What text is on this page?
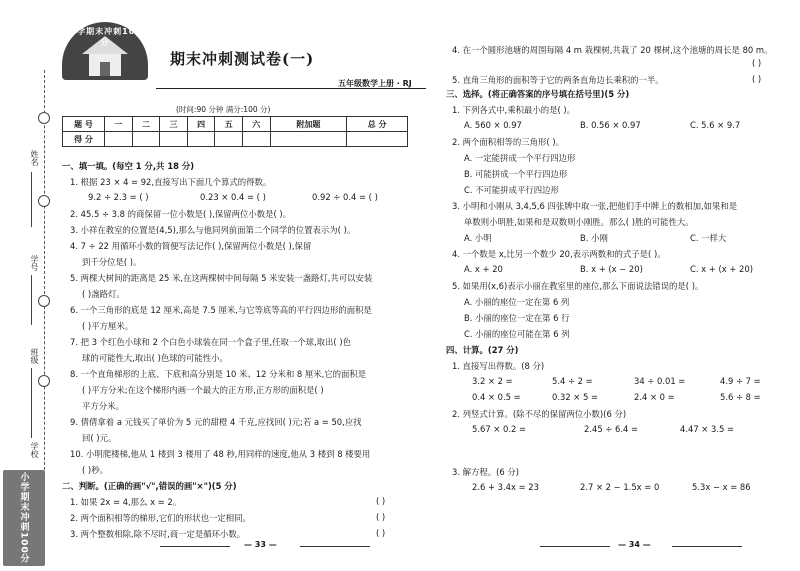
姓名
学号
班级
学校
小学期末冲刺100分
小学期末冲刺100分
期末冲刺测试卷(一)
五年级数学上册 · RJ
(时间:90 分钟 满分:100 分)
题 号	一	二	三	四	五	六	附加题	总 分
得 分								
一、填一填。(每空 1 分,共 18 分)
1. 根据 23 × 4 = 92,直接写出下面几个算式的得数。
9.2 ÷ 2.3 = ( )	0.23 × 0.4 = ( )	0.92 ÷ 0.4 = ( )
2. 45.5 ÷ 3.8 的商保留一位小数是( ),保留两位小数是( )。
3. 小祥在教室的位置是(4,5),那么与他同列前面第二个同学的位置表示为( )。
4. 7 ÷ 22 用循环小数的简便写法记作( ),保留两位小数是( ),保留
到千分位是( )。
5. 两棵大树间的距离是 25 米,在这两棵树中间每隔 5 米安装一盏路灯,共可以安装
( )盏路灯。
6. 一个三角形的底是 12 厘米,高是 7.5 厘米,与它等底等高的平行四边形的面积是
( )平方厘米。
7. 把 3 个红色小球和 2 个白色小球装在同一个盒子里,任取一个球,取出( )色
球的可能性大,取出( )色球的可能性小。
8. 一个直角梯形的上底、下底和高分别是 10 米、12 分米和 8 厘米,它的面积是
( )平方分米;在这个梯形内画一个最大的正方形,正方形的面积是( )
平方分米。
9. 倩倩拿着 a 元钱买了单价为 5 元的甜橙 4 千克,应找回( )元;若 a = 50,应找
回( )元。
10. 小明爬楼梯,他从 1 楼到 3 楼用了 48 秒,用同样的速度,他从 3 楼到 8 楼要用
( )秒。
二、判断。(正确的画"√",错误的画"×")(5 分)
1. 如果 2x = 4,那么 x = 2。	( )
2. 两个面积相等的梯形,它们的形状也一定相同。	( )
3. 两个整数相除,除不尽时,商一定是循环小数。	( )
— 33 —
4. 在一个圆形池塘的周围每隔 4 m 栽棵树,共栽了 20 棵树,这个池塘的周长是 80 m。
( )
5. 直角三角形的面积等于它的两条直角边长乘积的一半。	( )
三、选择。(将正确答案的序号填在括号里)(5 分)
1. 下列各式中,乘积最小的是( )。
A. 560 × 0.97	B. 0.56 × 0.97	C. 5.6 × 9.7
2. 两个面积相等的三角形( )。
A. 一定能拼成一个平行四边形
B. 可能拼成一个平行四边形
C. 不可能拼成平行四边形
3. 小明和小刚从 3,4,5,6 四张牌中取一张,把他们手中牌上的数相加,如果和是
单数则小明胜,如果和是双数则小刚胜。那么( )胜的可能性大。
A. 小明	B. 小刚	C. 一样大
4. 一个数是 x,比另一个数少 20,表示两数和的式子是( )。
A. x + 20	B. x + (x − 20)	C. x + (x + 20)
5. 如果用(x,6)表示小丽在教室里的座位,那么下面说法错误的是( )。
A. 小丽的座位一定在第 6 列
B. 小丽的座位一定在第 6 行
C. 小丽的座位可能在第 6 列
四、计算。(27 分)
1. 直接写出得数。(8 分)
3.2 × 2 =	5.4 ÷ 2 =	34 ÷ 0.01 =	4.9 ÷ 7 =
0.4 × 0.5 =	0.32 × 5 =	2.4 × 0 =	5.6 ÷ 8 =
2. 列竖式计算。(除不尽的保留两位小数)(6 分)
5.67 × 0.2 =	2.45 ÷ 6.4 =	4.47 × 3.5 =
3. 解方程。(6 分)
2.6 + 3.4x = 23	2.7 × 2 − 1.5x = 0	5.3x − x = 86
— 34 —
